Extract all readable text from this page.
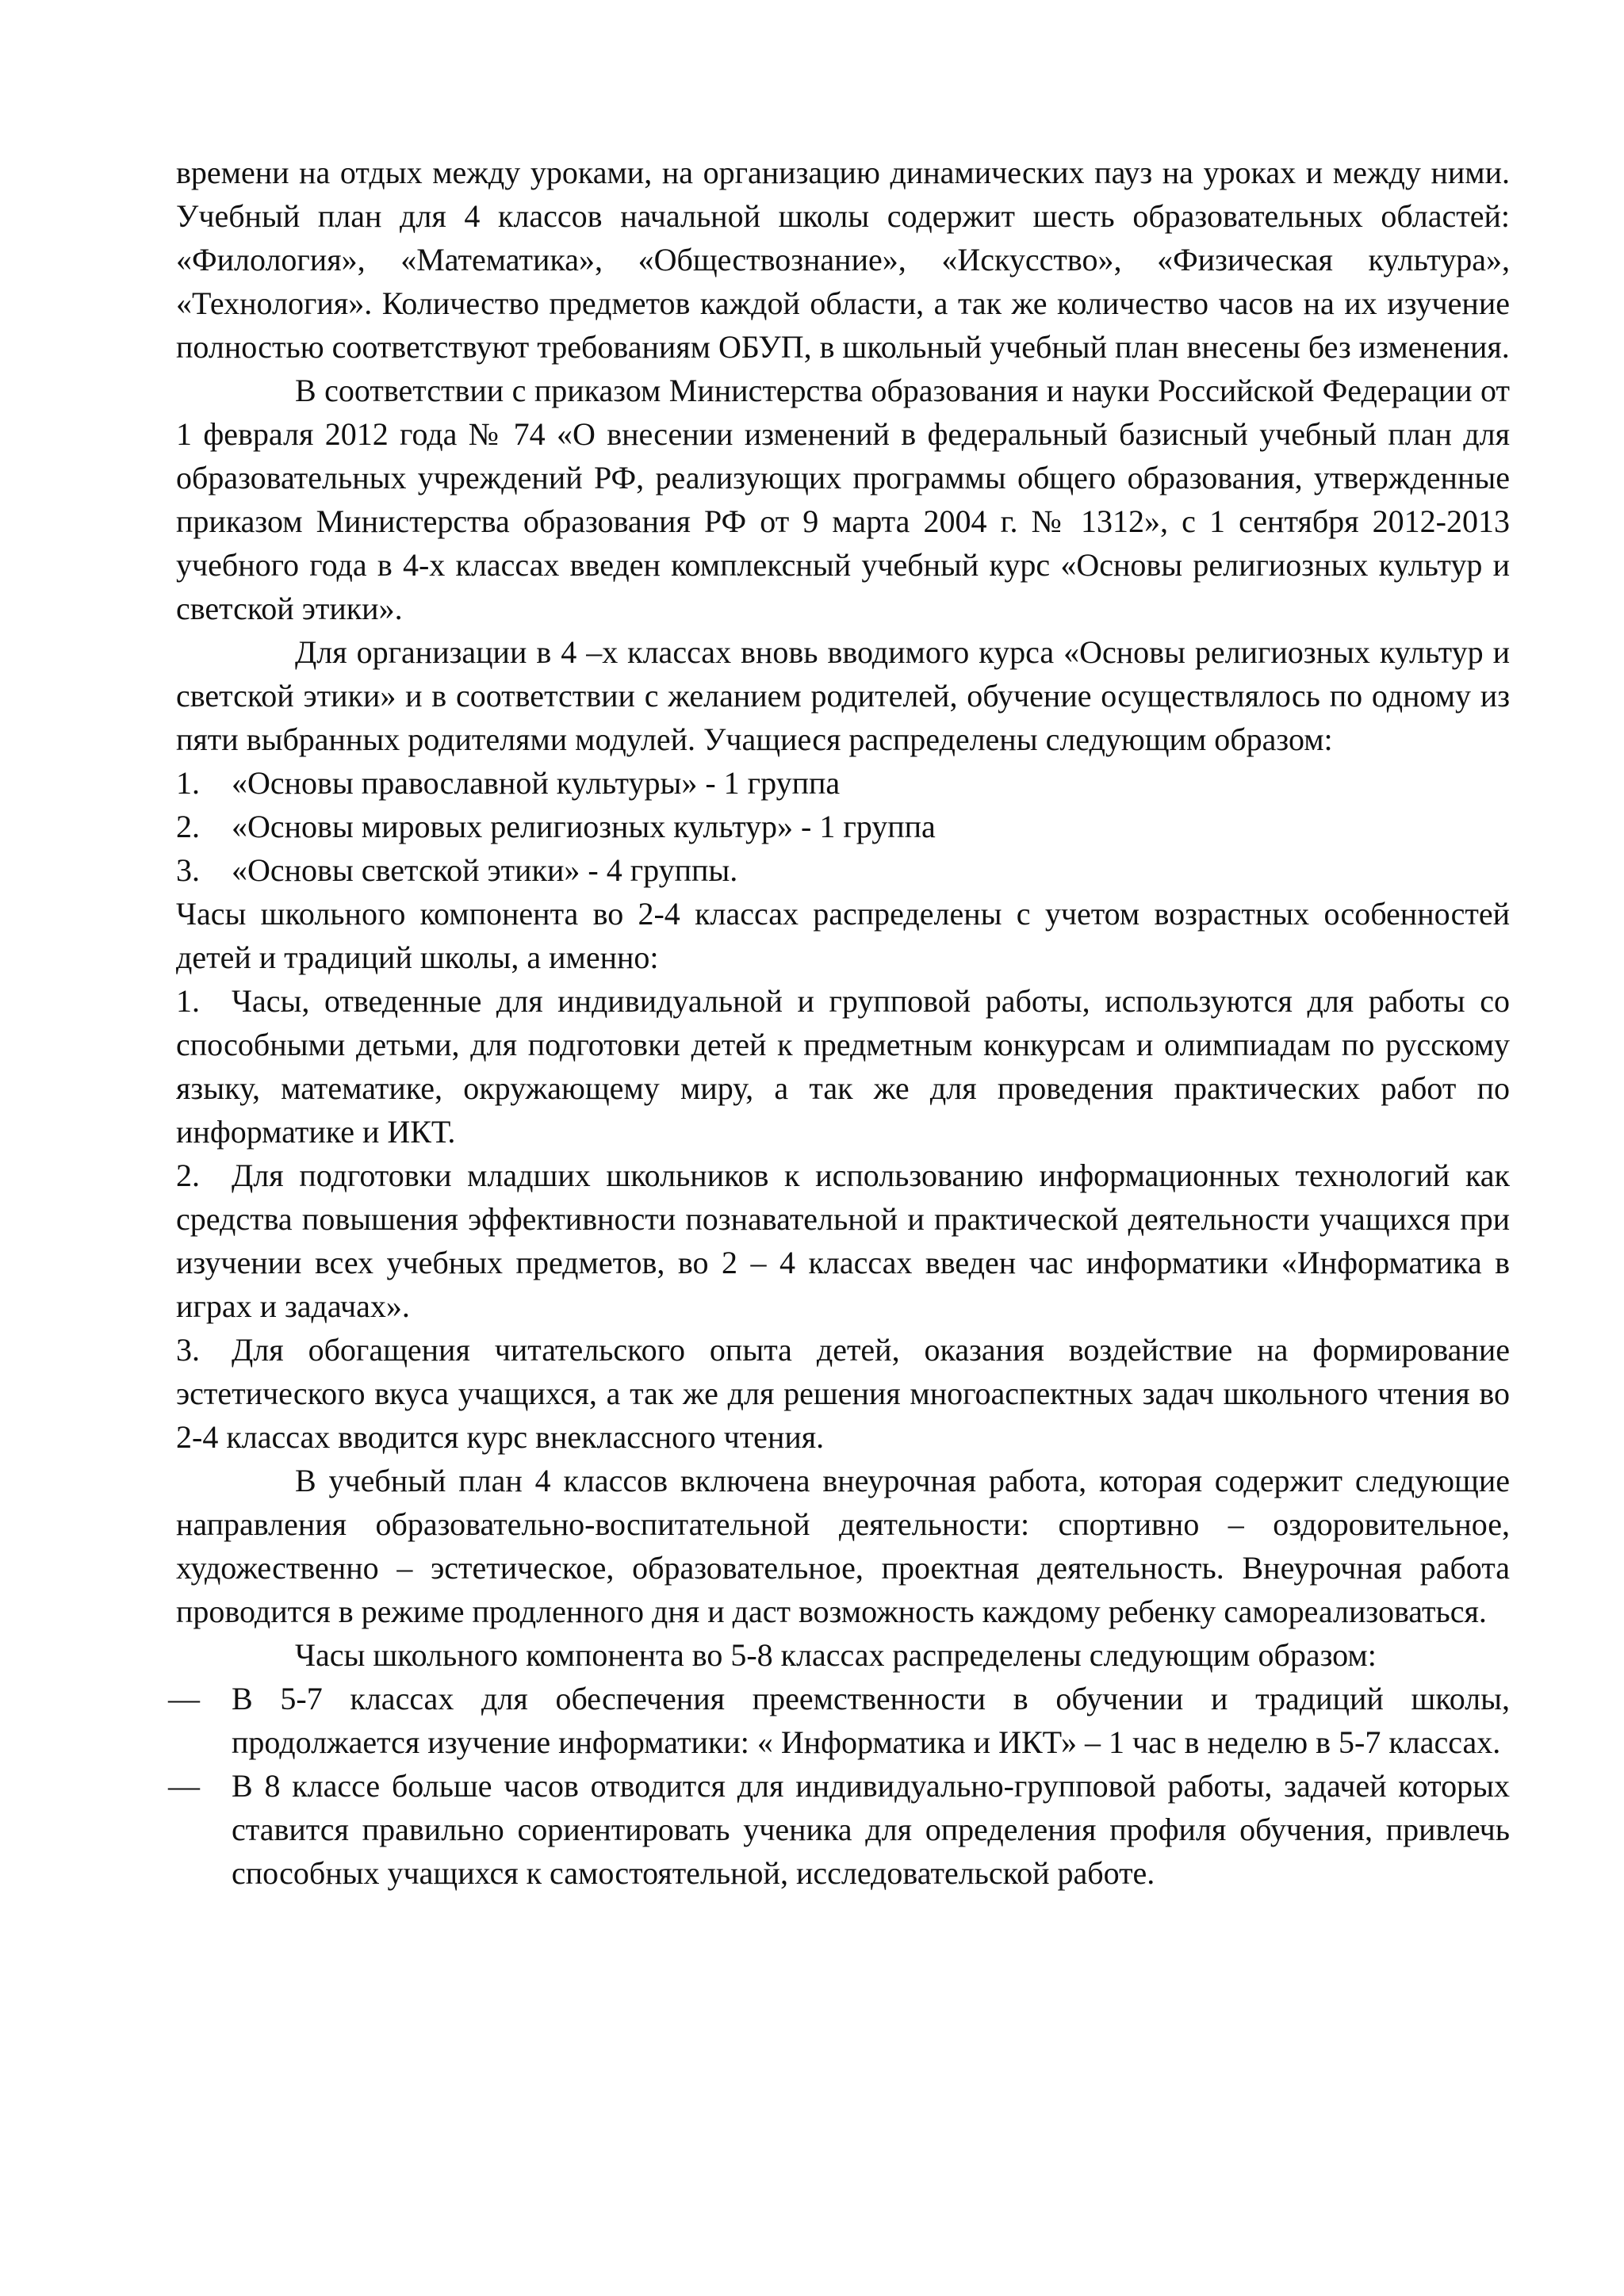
времени на отдых между уроками, на организацию динамических пауз на уроках и между ними. Учебный план для 4 классов начальной школы содержит шесть образовательных областей: «Филология», «Математика», «Обществознание», «Искусство», «Физическая культура», «Технология». Количество предметов каждой области, а так же количество часов на их изучение полностью соответствуют требованиям ОБУП, в школьный учебный план внесены без изменения.

В соответствии с приказом Министерства образования и науки Российской Федерации от 1 февраля 2012 года № 74 «О внесении изменений в федеральный базисный учебный план для образовательных учреждений РФ, реализующих программы общего образования, утвержденные приказом Министерства образования РФ от 9 марта 2004 г. № 1312», с 1 сентября 2012-2013 учебного года в 4-х классах введен комплексный учебный курс «Основы религиозных культур и светской этики».

Для организации в 4 –х классах вновь вводимого курса «Основы религиозных культур и светской этики» и в соответствии с желанием родителей, обучение осуществлялось по одному из пяти выбранных родителями модулей. Учащиеся распределены следующим образом:

1.	«Основы православной культуры» - 1 группа
2.	«Основы мировых религиозных культур» - 1 группа
3.	«Основы светской этики» - 4 группы.

Часы школьного компонента во 2-4 классах распределены с учетом возрастных особенностей детей и традиций школы, а именно:

1. Часы, отведенные для индивидуальной и групповой работы, используются для работы со способными детьми, для подготовки детей к предметным конкурсам и олимпиадам по русскому языку, математике, окружающему миру, а так же для проведения практических работ по информатике и ИКТ.
2. Для подготовки младших школьников к использованию информационных технологий как средства повышения эффективности познавательной и практической деятельности учащихся при изучении всех учебных предметов, во 2 – 4 классах введен час информатики «Информатика в играх и задачах».
3. Для обогащения читательского опыта детей, оказания воздействие на формирование эстетического вкуса учащихся, а так же для решения многоаспектных задач школьного чтения во 2-4 классах вводится курс внеклассного чтения.

В учебный план 4 классов включена внеурочная работа, которая содержит следующие направления образовательно-воспитательной деятельности: спортивно – оздоровительное, художественно – эстетическое, образовательное, проектная деятельность. Внеурочная работа проводится в режиме продленного дня и даст возможность каждому ребенку самореализоваться.

Часы школьного компонента во 5-8 классах распределены следующим образом:

—	В 5-7 классах для обеспечения преемственности в обучении и традиций школы, продолжается изучение информатики: « Информатика и ИКТ» – 1 час в неделю в 5-7 классах.
—	В 8 классе больше часов отводится для индивидуально-групповой работы, задачей которых ставится правильно сориентировать ученика для определения профиля обучения, привлечь способных учащихся к самостоятельной, исследовательской работе.
